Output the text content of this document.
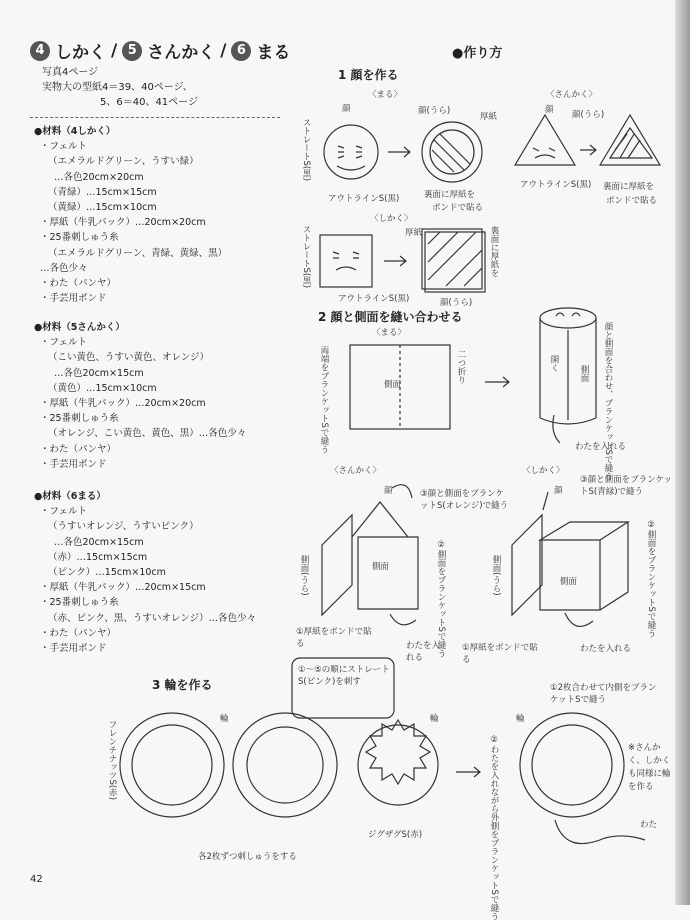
4 しかく / 5 さんかく / 6 まる
写真4ページ
実物大の型紙4＝39、40ページ、
5、6＝40、41ページ
●材料（4しかく）
・フェルト
（エメラルドグリーン、うすい緑）
…各色20cm×20cm
（青緑）…15cm×15cm
（黄緑）…15cm×10cm
・厚紙（牛乳パック）…20cm×20cm
・25番刺しゅう糸
（エメラルドグリーン、青緑、黄緑、黒）
…各色少々
・わた（パンヤ）
・手芸用ボンド
●材料（5さんかく）
・フェルト
（こい黄色、うすい黄色、オレンジ）
…各色20cm×15cm
（黄色）…15cm×10cm
・厚紙（牛乳パック）…20cm×20cm
・25番刺しゅう糸
（オレンジ、こい黄色、黄色、黒）…各色少々
・わた（パンヤ）
・手芸用ボンド
●材料（6まる）
・フェルト
（うすいオレンジ、うすいピンク）
…各色20cm×15cm
（赤）…15cm×15cm
（ピンク）…15cm×10cm
・厚紙（牛乳パック）…20cm×15cm
・25番刺しゅう糸
（赤、ピンク、黒、うすいオレンジ）…各色少々
・わた（パンヤ）
・手芸用ボンド
●作り方
1 顔を作る
〈まる〉	〈さんかく〉
顔	顔(うら)
厚紙	顔(うら)
顔
ストレートS(黒)
アウトラインS(黒)	裏面に厚紙を
ボンドで貼る
アウトラインS(黒) 裏面に厚紙を
ボンドで貼る
〈しかく〉
ストレートS(黒)
アウトラインS(黒)
厚紙	裏面に厚紙を
顔(うら)
2 顔と側面を縫い合わせる
〈まる〉
両端をブランケットSで縫う	側面
二つ折り	開く
側面 顔と側面を合わせ、ブランケットSで縫う
わたを入れる
〈さんかく〉
顔	③顔と側面をブランケットS(オレンジ)で縫う
側面(うら)	側面	②側面をブランケットSで縫う
①厚紙をボンドで貼る	わたを入れる
〈しかく〉
顔
③顔と側面をブランケットS(青緑)で縫う
側面(うら)	側面	②側面をブランケットSで縫う
①厚紙をボンドで貼る
わたを入れる
3 輪を作る
①〜⑤の順にストレートS(ピンク)を刺す
輪	輪
フレンチナッツS(赤)
ジグザグS(赤)
各2枚ずつ刺しゅうをする
①2枚合わせて内側をブランケットSで縫う
輪
②わたを入れながら外側をブランケットSで縫う	※さんかく、しかくも同様に輪を作る
わた
42
